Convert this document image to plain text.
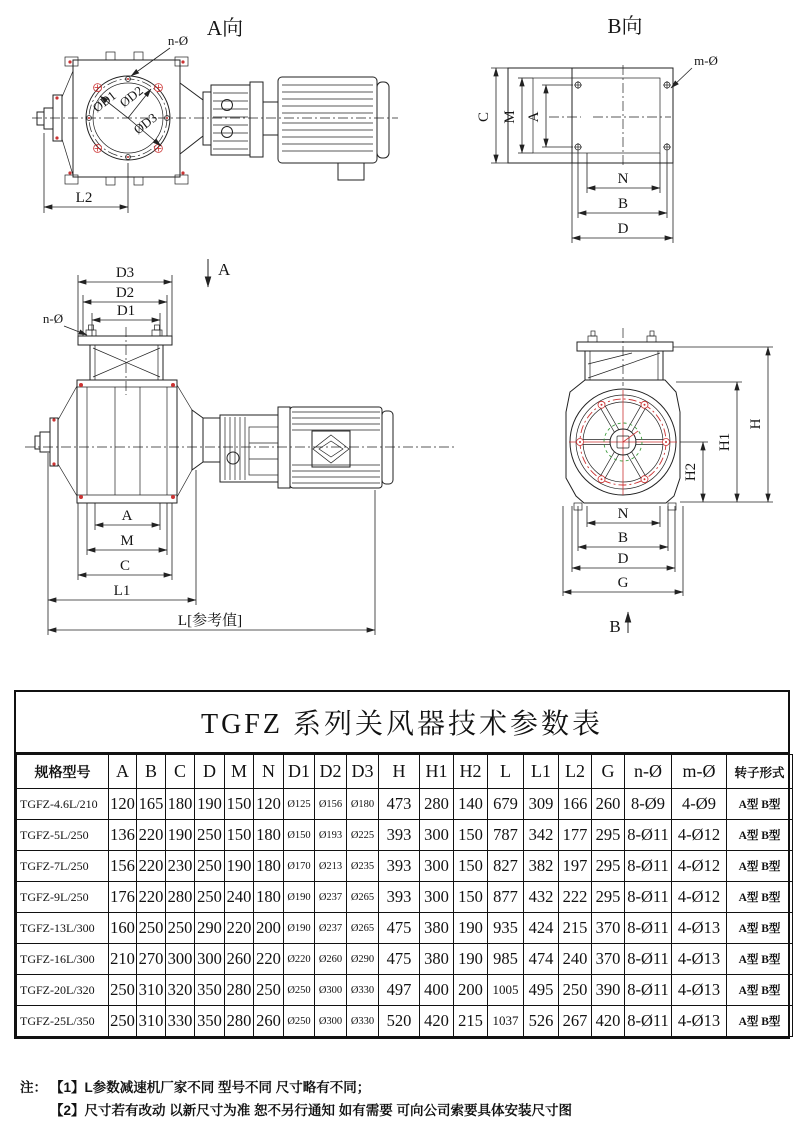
A向
ØD1
ØD2
ØD3
n-Ø
L2
B向
m-Ø
C M A
N
B
D
D3
D2
D1
A
n-Ø
A
M
C
L1
L[参考值]
H2
H1
H
N
B
D
G
B
TGFZ 系列关风器技术参数表
规格型号	A	B	C	D	M	N	D1	D2	D3	H	H1	H2	L	L1	L2	G	n-Ø	m-Ø	转子形式
TGFZ-4.6L/210	120	165	180	190	150	120	Ø125	Ø156	Ø180	473	280	140	679	309	166	260	8-Ø9	4-Ø9	A型 B型
TGFZ-5L/250	136	220	190	250	150	180	Ø150	Ø193	Ø225	393	300	150	787	342	177	295	8-Ø11	4-Ø12	A型 B型
TGFZ-7L/250	156	220	230	250	190	180	Ø170	Ø213	Ø235	393	300	150	827	382	197	295	8-Ø11	4-Ø12	A型 B型
TGFZ-9L/250	176	220	280	250	240	180	Ø190	Ø237	Ø265	393	300	150	877	432	222	295	8-Ø11	4-Ø12	A型 B型
TGFZ-13L/300	160	250	250	290	220	200	Ø190	Ø237	Ø265	475	380	190	935	424	215	370	8-Ø11	4-Ø13	A型 B型
TGFZ-16L/300	210	270	300	300	260	220	Ø220	Ø260	Ø290	475	380	190	985	474	240	370	8-Ø11	4-Ø13	A型 B型
TGFZ-20L/320	250	310	320	350	280	250	Ø250	Ø300	Ø330	497	400	200	1005	495	250	390	8-Ø11	4-Ø13	A型 B型
TGFZ-25L/350	250	310	330	350	280	260	Ø250	Ø300	Ø330	520	420	215	1037	526	267	420	8-Ø11	4-Ø13	A型 B型
注： 【1】 L参数减速机厂家不同 型号不同 尺寸略有不同；
【2】 尺寸若有改动 以新尺寸为准 恕不另行通知 如有需要 可向公司索要具体安装尺寸图
